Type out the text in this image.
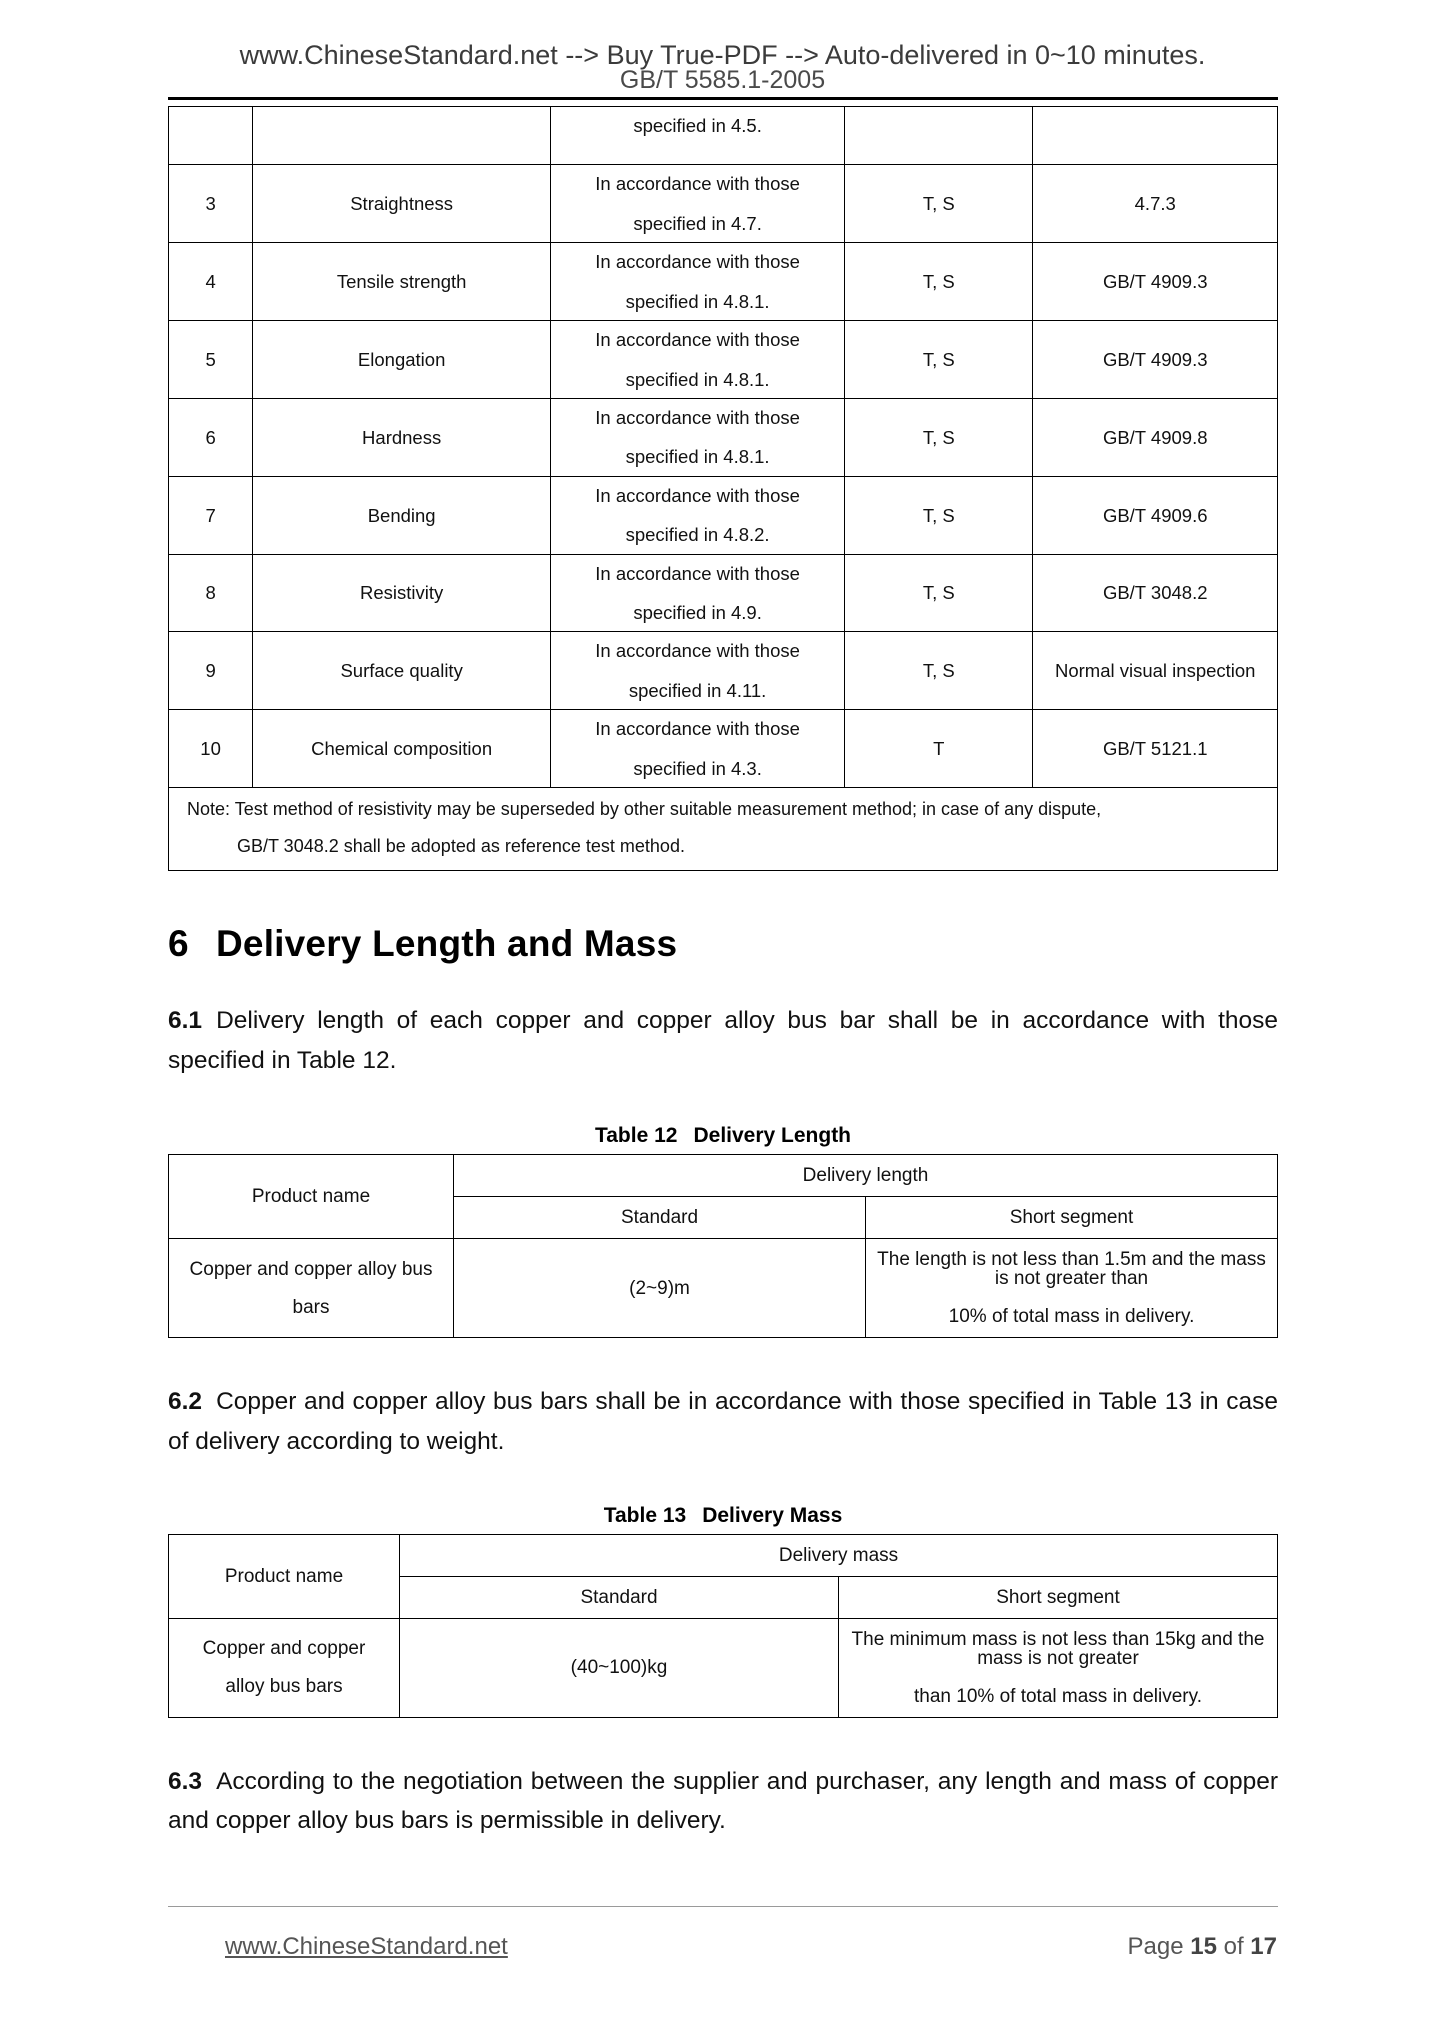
www.ChineseStandard.net --> Buy True-PDF --> Auto-delivered in 0~10 minutes.
GB/T 5585.1-2005

		specified in 4.5.		

3	Straightness	In accordance with those
specified in 4.7.	T, S	4.7.3
4	Tensile strength	In accordance with those
specified in 4.8.1.	T, S	GB/T 4909.3
5	Elongation	In accordance with those
specified in 4.8.1.	T, S	GB/T 4909.3
6	Hardness	In accordance with those
specified in 4.8.1.	T, S	GB/T 4909.8
7	Bending	In accordance with those
specified in 4.8.2.	T, S	GB/T 4909.6
8	Resistivity	In accordance with those
specified in 4.9.	T, S	GB/T 3048.2
9	Surface quality	In accordance with those
specified in 4.11.	T, S	Normal visual inspection
10	Chemical composition	In accordance with those
specified in 4.3.	T	GB/T 5121.1

Note: Test method of resistivity may be superseded by other suitable measurement method; in case of any dispute,
GB/T 3048.2 shall be adopted as reference test method.				
6 Delivery Length and Mass

6.1 Delivery length of each copper and copper alloy bus bar shall be in accordance with those specified in Table 12.

Table 12 Delivery Length
Product name	Delivery length	
	Standard	Short segment

Copper and copper alloy bus
bars	(2~9)m	The length is not less than 1.5m and the mass is not greater than
10% of total mass in delivery.

6.2 Copper and copper alloy bus bars shall be in accordance with those specified in Table 13 in case of delivery according to weight.

Table 13 Delivery Mass
Product name	Delivery mass	
	Standard	Short segment

Copper and copper
alloy bus bars	(40~100)kg	The minimum mass is not less than 15kg and the mass is not greater
than 10% of total mass in delivery.

6.3 According to the negotiation between the supplier and purchaser, any length and mass of copper and copper alloy bus bars is permissible in delivery.

www.ChineseStandard.net	Page 15 of 17
